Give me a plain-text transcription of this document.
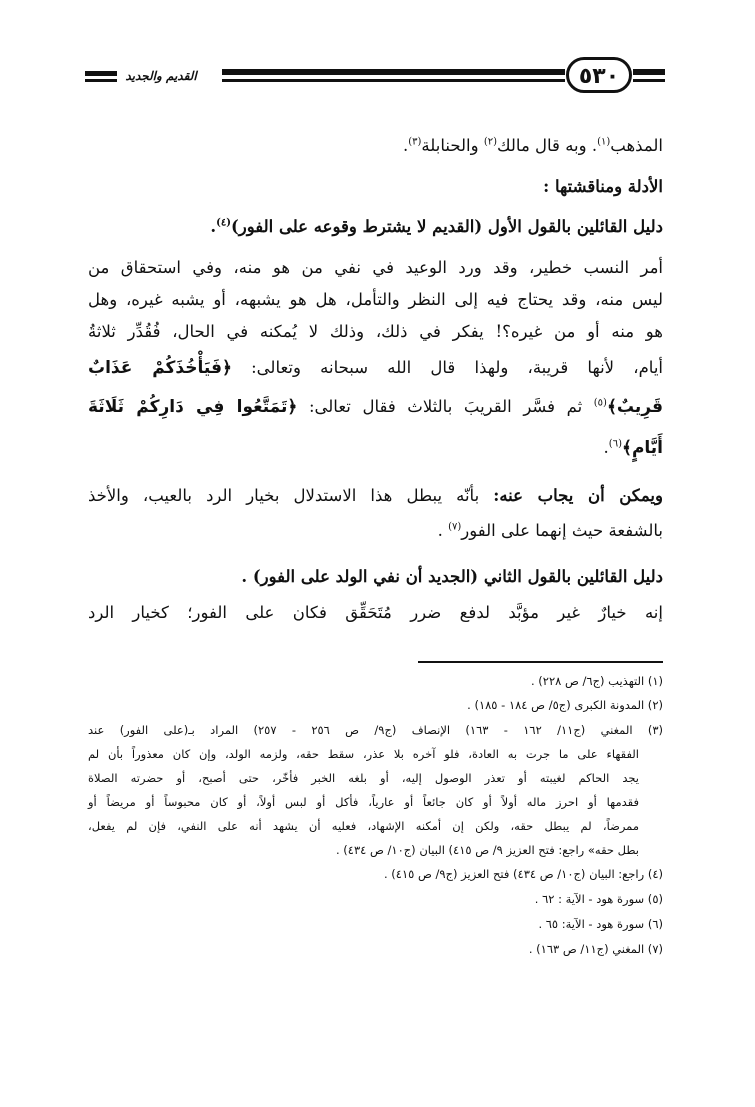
القديم والجديد	٥٣٠
المذهب$^{(١)}$. وبه قال مالك$^{(٢)}$ والحنابلة$^{(٣)}$.
الأدلة ومناقشتها :
دليل القائلين بالقول الأول (القديم لا يشترط وقوعه على الفور)$^{(٤)}$.
أمر النسب خطير، وقد ورد الوعيد في نفي من هو منه، وفي استحقاق من
ليس منه، وقد يحتاج فيه إلى النظر والتأمل، هل هو يشبهه، أو يشبه غيره، وهل
هو منه أو من غيره؟! يفكر في ذلك، وذلك لا يُمكنه في الحال، فُقُدِّر ثلاثةُ
أيام، لأنها قريبة، ولهذا قال الله سبحانه وتعالى: ﴿فَيَأْخُذَكُمْ عَذَابٌ
قَرِيبٌ﴾$^{(٥)}$ ثم فسَّر القريبَ بالثلاث فقال تعالى: ﴿تَمَتَّعُوا فِي دَارِكُمْ ثَلَاثَةَ
أَيَّامٍ﴾$^{(٦)}$.
ويمكن أن يجاب عنه: بأنّه يبطل هذا الاستدلال بخيار الرد بالعيب، والأخذ
بالشفعة حيث إنهما على الفور$^{(٧)}$ .
دليل القائلين بالقول الثاني (الجديد أن نفي الولد على الفور) .
إنه خيارٌ غير مؤبَّد لدفع ضرر مُتَحَقِّق فكان على الفور؛ كخيار الرد
(١) التهذيب (ج٦/ ص ٢٢٨) .
(٢) المدونة الكبرى (ج٥/ ص ١٨٤ - ١٨٥) .
(٣) المغني (ج١١/ ١٦٢ - ١٦٣) الإنصاف (ج٩/ ص ٢٥٦ - ٢٥٧) المراد بـ(على الفور) عند
الفقهاء على ما جرت به العادة، فلو آخره بلا عذر، سقط حقه، ولزمه الولد، وإن كان معذوراً بأن لم
يجد الحاكم لغيبته أو تعذر الوصول إليه، أو بلغه الخبر فأخّر، حتى أصبح، أو حضرته الصلاة
فقدمها أو احرز ماله أولاً أو كان جائعاً أو عارياً، فأكل أو لبس أولاً، أو كان محبوساً أو مريضاً أو
ممرضاً، لم يبطل حقه، ولكن إن أمكنه الإشهاد، فعليه أن يشهد أنه على النفي، فإن لم يفعل،
بطل حقه» راجع: فتح العزيز ٩/ ص ٤١٥) البيان (ج١٠/ ص ٤٣٤) .
(٤) راجع: البيان (ج١٠/ ص ٤٣٤) فتح العزيز (ج٩/ ص ٤١٥) .
(٥) سورة هود - الآية : ٦٢ .
(٦) سورة هود - الآية: ٦٥ .
(٧) المغني (ج١١/ ص ١٦٣) .
